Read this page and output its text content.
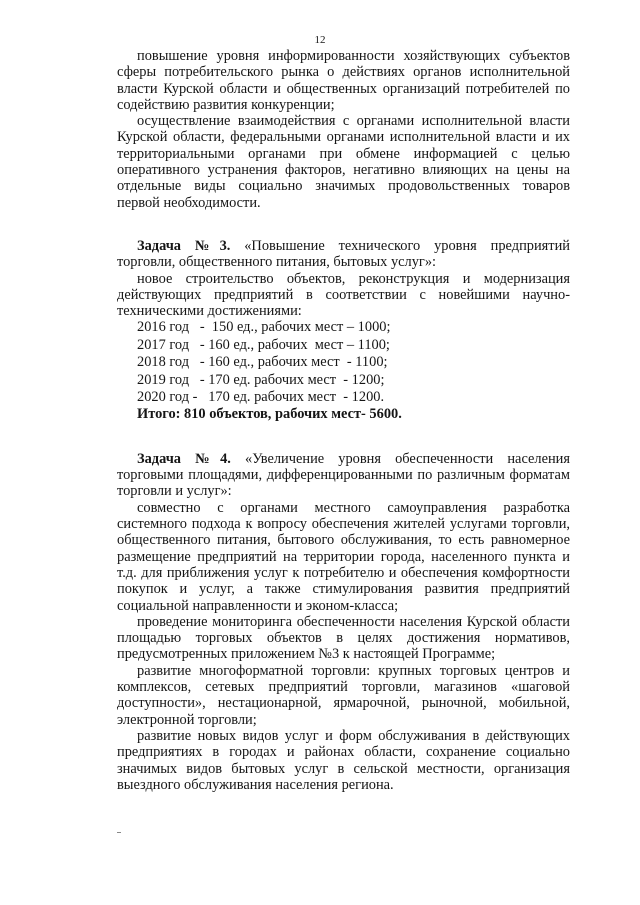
12

повышение уровня информированности хозяйствующих субъектов сферы потребительского рынка о действиях органов исполнительной власти Курской области и общественных организаций потребителей по содействию развития конкуренции;

осуществление взаимодействия с органами исполнительной власти Курской области, федеральными органами исполнительной власти и их территориальными органами при обмене информацией с целью оперативного устранения факторов, негативно влияющих на цены на отдельные виды социально значимых продовольственных товаров первой необходимости.

Задача №3. «Повышение технического уровня предприятий торговли, общественного питания, бытовых услуг»:

новое строительство объектов, реконструкция и модернизация действующих предприятий в соответствии с новейшими научно-техническими достижениями:

2016 год   -  150 ед., рабочих мест – 1000;
2017 год   - 160 ед., рабочих  мест – 1100;
2018 год   - 160 ед., рабочих мест  - 1100;
2019 год   - 170 ед. рабочих мест  - 1200;
2020 год -   170 ед. рабочих мест  - 1200.
Итого: 810 объектов, рабочих мест- 5600.

Задача №4. «Увеличение уровня обеспеченности населения торговыми площадями, дифференцированными по различным форматам торговли и услуг»:

совместно с органами местного самоуправления разработка системного подхода к вопросу обеспечения жителей услугами торговли, общественного питания, бытового обслуживания, то есть равномерное размещение предприятий на территории города, населенного пункта и т.д. для приближения услуг к потребителю и обеспечения комфортности покупок и услуг, а также стимулирования развития предприятий социальной направленности и эконом-класса;

проведение мониторинга обеспеченности населения Курской области площадью торговых объектов в целях достижения нормативов, предусмотренных приложением №3 к настоящей Программе;

развитие многоформатной торговли: крупных торговых центров и комплексов, сетевых предприятий торговли, магазинов «шаговой доступности», нестационарной, ярмарочной, рыночной, мобильной, электронной торговли;

развитие новых видов услуг и форм обслуживания в действующих предприятиях в городах и районах области, сохранение социально значимых видов бытовых услуг в сельской местности, организация выездного обслуживания населения региона.
